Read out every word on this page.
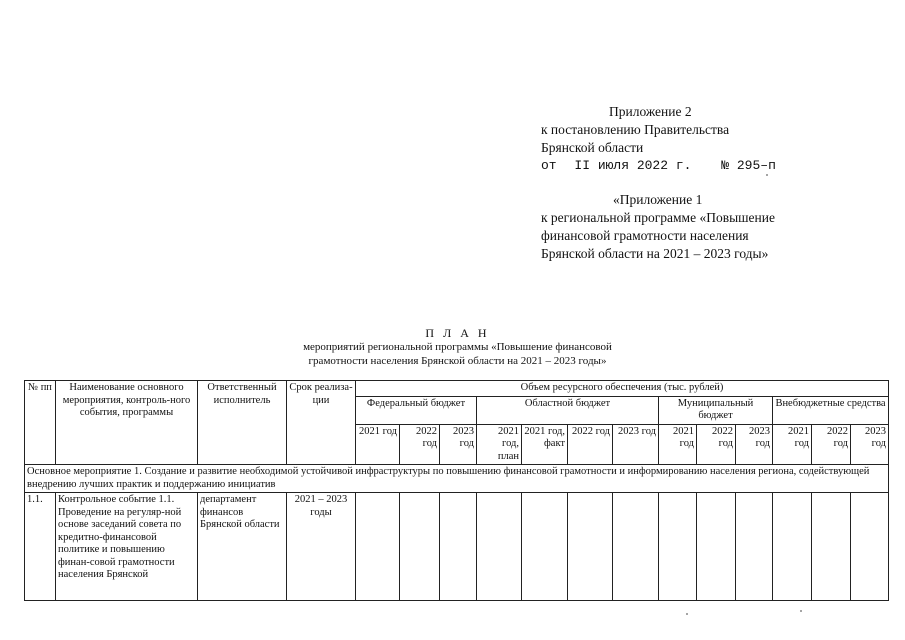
Приложение 2
к постановлению Правительства
Брянской области
от II июля 2022 г. № 295–п
«Приложение 1
к региональной программе «Повышение
финансовой грамотности населения
Брянской области на 2021 – 2023 годы»
П Л А Н
мероприятий региональной программы «Повышение финансовой
грамотности населения Брянской области на 2021 – 2023 годы»
№ пп	Наименование основного мероприятия, контроль-ного события, программы	Ответственный исполнитель	Срок реализа-ции	Объем ресурсного обеспечения (тыс. рублей)												
				Федеральный бюджет			Областной бюджет				Муниципальный бюджет			Внебюджетные средства		
				2021 год	2022 год	2023 год	2021 год, план	2021 год, факт	2022 год	2023 год	2021 год	2022 год	2023 год	2021 год	2022 год	2023 год
Основное мероприятие 1. Создание и развитие необходимой устойчивой инфраструктуры по повышению финансовой грамотности и информированию населения региона, содействующей внедрению лучших практик и поддержанию инициатив																
1.1.	Контрольное событие 1.1. Проведение на регуляр-ной основе заседаний совета по кредитно-финансовой политике и повышению финан-совой грамотности населения Брянской	департамент финансов Брянской области	2021 – 2023 годы													
